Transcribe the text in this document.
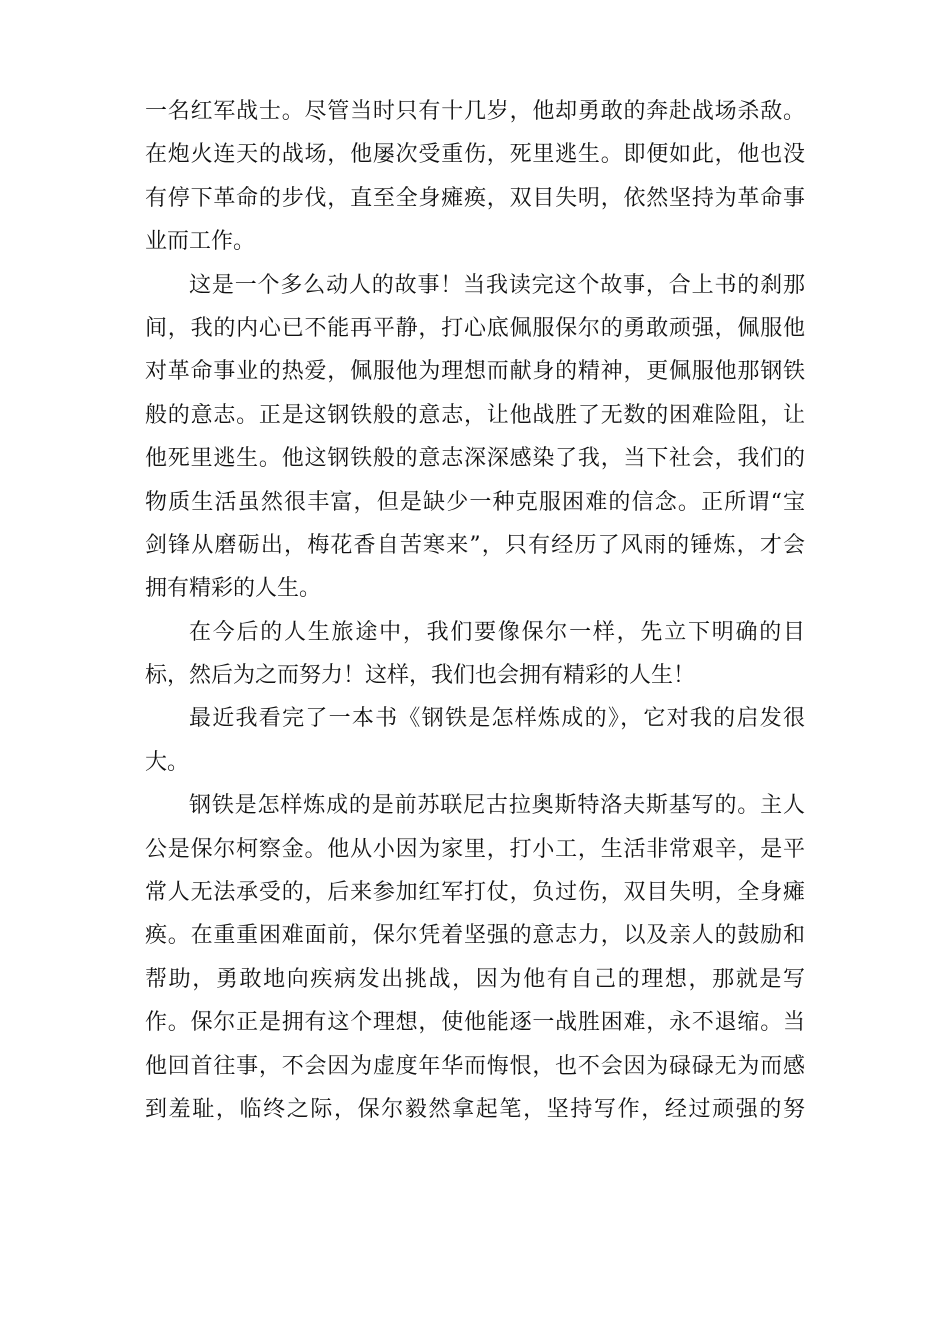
一名红军战士。尽管当时只有十几岁，他却勇敢的奔赴战场杀敌。
在炮火连天的战场，他屡次受重伤，死里逃生。即便如此，他也没
有停下革命的步伐，直至全身瘫痪，双目失明，依然坚持为革命事
业而工作。
这是一个多么动人的故事！当我读完这个故事，合上书的刹那
间，我的内心已不能再平静，打心底佩服保尔的勇敢顽强，佩服他
对革命事业的热爱，佩服他为理想而献身的精神，更佩服他那钢铁
般的意志。正是这钢铁般的意志，让他战胜了无数的困难险阻，让
他死里逃生。他这钢铁般的意志深深感染了我，当下社会，我们的
物质生活虽然很丰富，但是缺少一种克服困难的信念。正所谓“宝
剑锋从磨砺出，梅花香自苦寒来”，只有经历了风雨的锤炼，才会
拥有精彩的人生。
在今后的人生旅途中，我们要像保尔一样，先立下明确的目
标，然后为之而努力！这样，我们也会拥有精彩的人生！
最近我看完了一本书《钢铁是怎样炼成的》，它对我的启发很
大。
钢铁是怎样炼成的是前苏联尼古拉奥斯特洛夫斯基写的。主人
公是保尔柯察金。他从小因为家里，打小工，生活非常艰辛，是平
常人无法承受的，后来参加红军打仗，负过伤，双目失明，全身瘫
痪。在重重困难面前，保尔凭着坚强的意志力，以及亲人的鼓励和
帮助，勇敢地向疾病发出挑战，因为他有自己的理想，那就是写
作。保尔正是拥有这个理想，使他能逐一战胜困难，永不退缩。当
他回首往事，不会因为虚度年华而悔恨，也不会因为碌碌无为而感
到羞耻，临终之际，保尔毅然拿起笔，坚持写作，经过顽强的努
